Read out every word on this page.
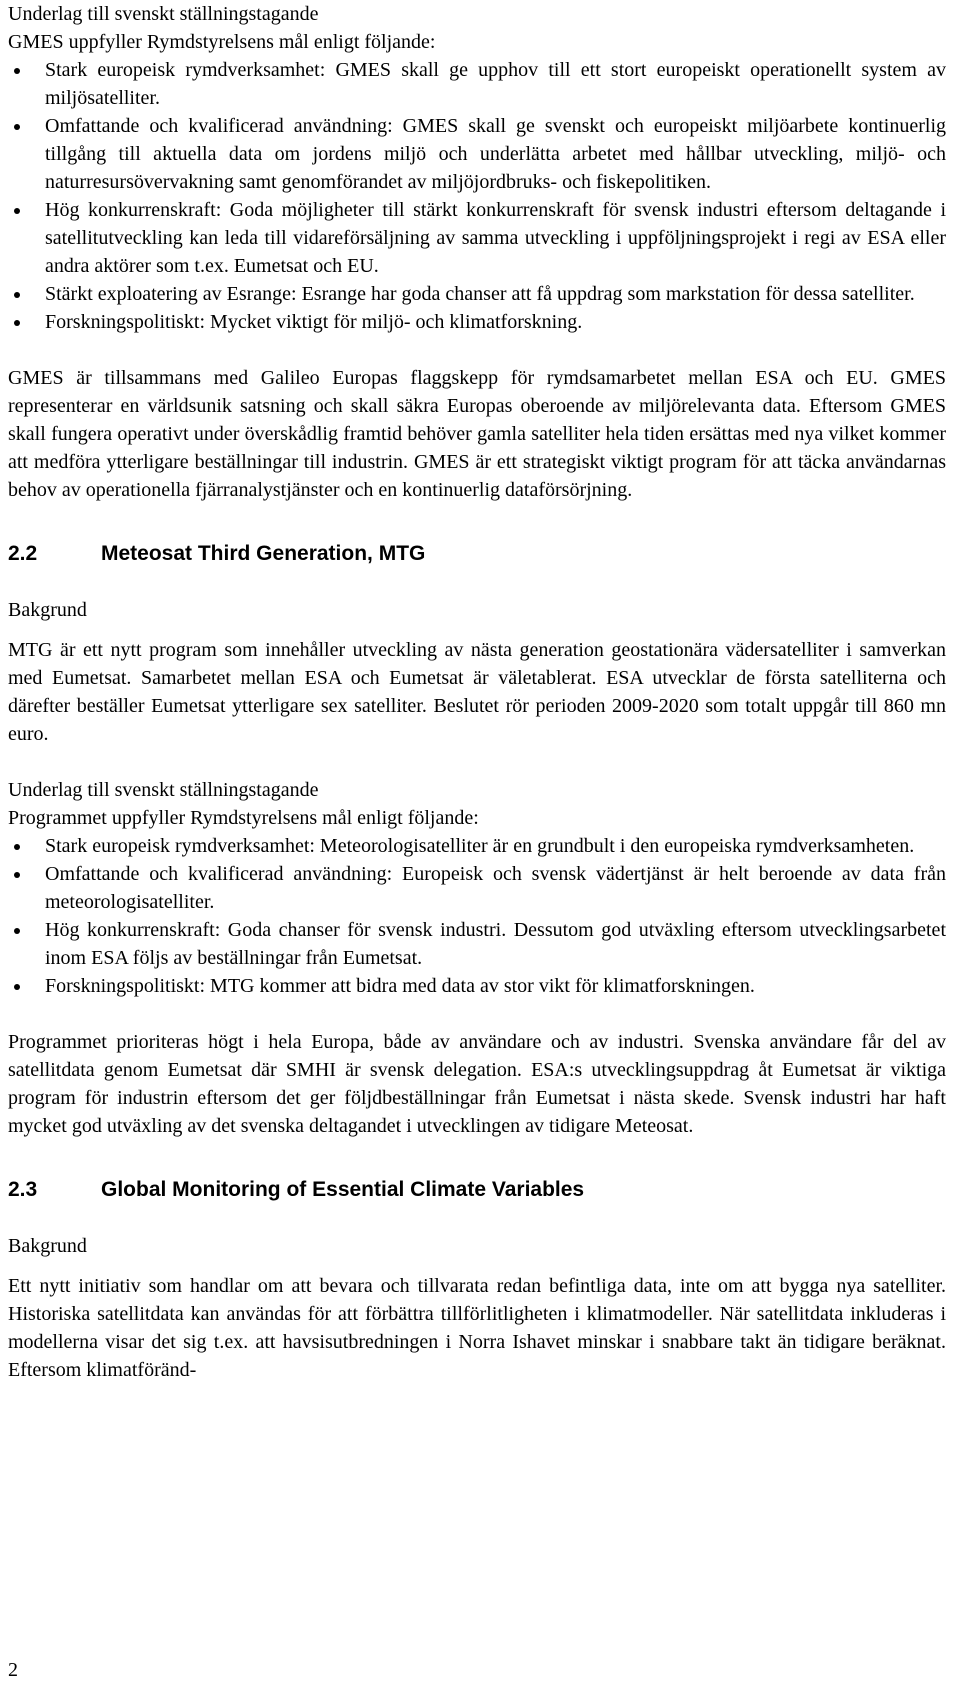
Underlag till svenskt ställningstagande

GMES uppfyller Rymdstyrelsens mål enligt följande:

Stark europeisk rymdverksamhet: GMES skall ge upphov till ett stort europeiskt operationellt system av miljösatelliter.
Omfattande och kvalificerad användning: GMES skall ge svenskt och europeiskt miljöarbete kontinuerlig tillgång till aktuella data om jordens miljö och underlätta arbetet med hållbar utveckling, miljö- och naturresursövervakning samt genomförandet av miljöjordbruks- och fiskepolitiken.
Hög konkurrenskraft: Goda möjligheter till stärkt konkurrenskraft för svensk industri eftersom deltagande i satellitutveckling kan leda till vidareförsäljning av samma utveckling i uppföljningsprojekt i regi av ESA eller andra aktörer som t.ex. Eumetsat och EU.
Stärkt exploatering av Esrange: Esrange har goda chanser att få uppdrag som markstation för dessa satelliter.
Forskningspolitiskt: Mycket viktigt för miljö- och klimatforskning.

GMES är tillsammans med Galileo Europas flaggskepp för rymdsamarbetet mellan ESA och EU. GMES representerar en världsunik satsning och skall säkra Europas oberoende av miljörelevanta data. Eftersom GMES skall fungera operativt under överskådlig framtid behöver gamla satelliter hela tiden ersättas med nya vilket kommer att medföra ytterligare beställningar till industrin. GMES är ett strategiskt viktigt program för att täcka användarnas behov av operationella fjärranalystjänster och en kontinuerlig dataförsörjning.

2.2	Meteosat Third Generation, MTG
Bakgrund

MTG är ett nytt program som innehåller utveckling av nästa generation geostationära vädersatelliter i samverkan med Eumetsat. Samarbetet mellan ESA och Eumetsat är väletablerat. ESA utvecklar de första satelliterna och därefter beställer Eumetsat ytterligare sex satelliter. Beslutet rör perioden 2009-2020 som totalt uppgår till 860 mn euro.

Underlag till svenskt ställningstagande

Programmet uppfyller Rymdstyrelsens mål enligt följande:

Stark europeisk rymdverksamhet: Meteorologisatelliter är en grundbult i den europeiska rymdverksamheten.
Omfattande och kvalificerad användning: Europeisk och svensk vädertjänst är helt beroende av data från meteorologisatelliter.
Hög konkurrenskraft: Goda chanser för svensk industri. Dessutom god utväxling eftersom utvecklingsarbetet inom ESA följs av beställningar från Eumetsat.
Forskningspolitiskt: MTG kommer att bidra med data av stor vikt för klimatforskningen.

Programmet prioriteras högt i hela Europa, både av användare och av industri. Svenska användare får del av satellitdata genom Eumetsat där SMHI är svensk delegation. ESA:s utvecklingsuppdrag åt Eumetsat är viktiga program för industrin eftersom det ger följdbeställningar från Eumetsat i nästa skede. Svensk industri har haft mycket god utväxling av det svenska deltagandet i utvecklingen av tidigare Meteosat.

2.3	Global Monitoring of Essential Climate Variables
Bakgrund

Ett nytt initiativ som handlar om att bevara och tillvarata redan befintliga data, inte om att bygga nya satelliter. Historiska satellitdata kan användas för att förbättra tillförlitligheten i klimatmodeller. När satellitdata inkluderas i modellerna visar det sig t.ex. att havsisutbredningen i Norra Ishavet minskar i snabbare takt än tidigare beräknat. Eftersom klimatföränd-

2
